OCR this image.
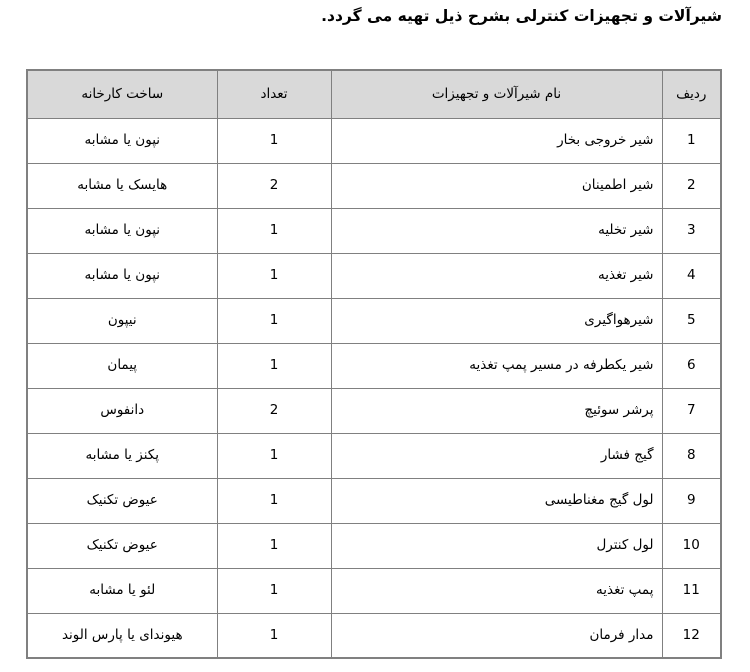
شیرآلات و تجهیزات کنترلی بشرح ذیل تهیه می گردد.
ردیف	نام شیرآلات و تجهیزات	تعداد	ساخت کارخانه
1	شیر خروجی بخار	1	نپون یا مشابه
2	شیر اطمینان	2	هایسک یا مشابه
3	شیر تخلیه	1	نپون یا مشابه
4	شیر تغذیه	1	نپون یا مشابه
5	شیرهواگیری	1	نیپون
6	شیر یکطرفه در مسیر پمپ تغذیه	1	پیمان
7	پرشر سوئیچ	2	دانفوس
8	گیج فشار	1	پکنز یا مشابه
9	لول گیج مغناطیسی	1	عیوض تکنیک
10	لول کنترل	1	عیوض تکنیک
11	پمپ تغذیه	1	لئو یا مشابه
12	مدار فرمان	1	هیوندای یا پارس الوند
